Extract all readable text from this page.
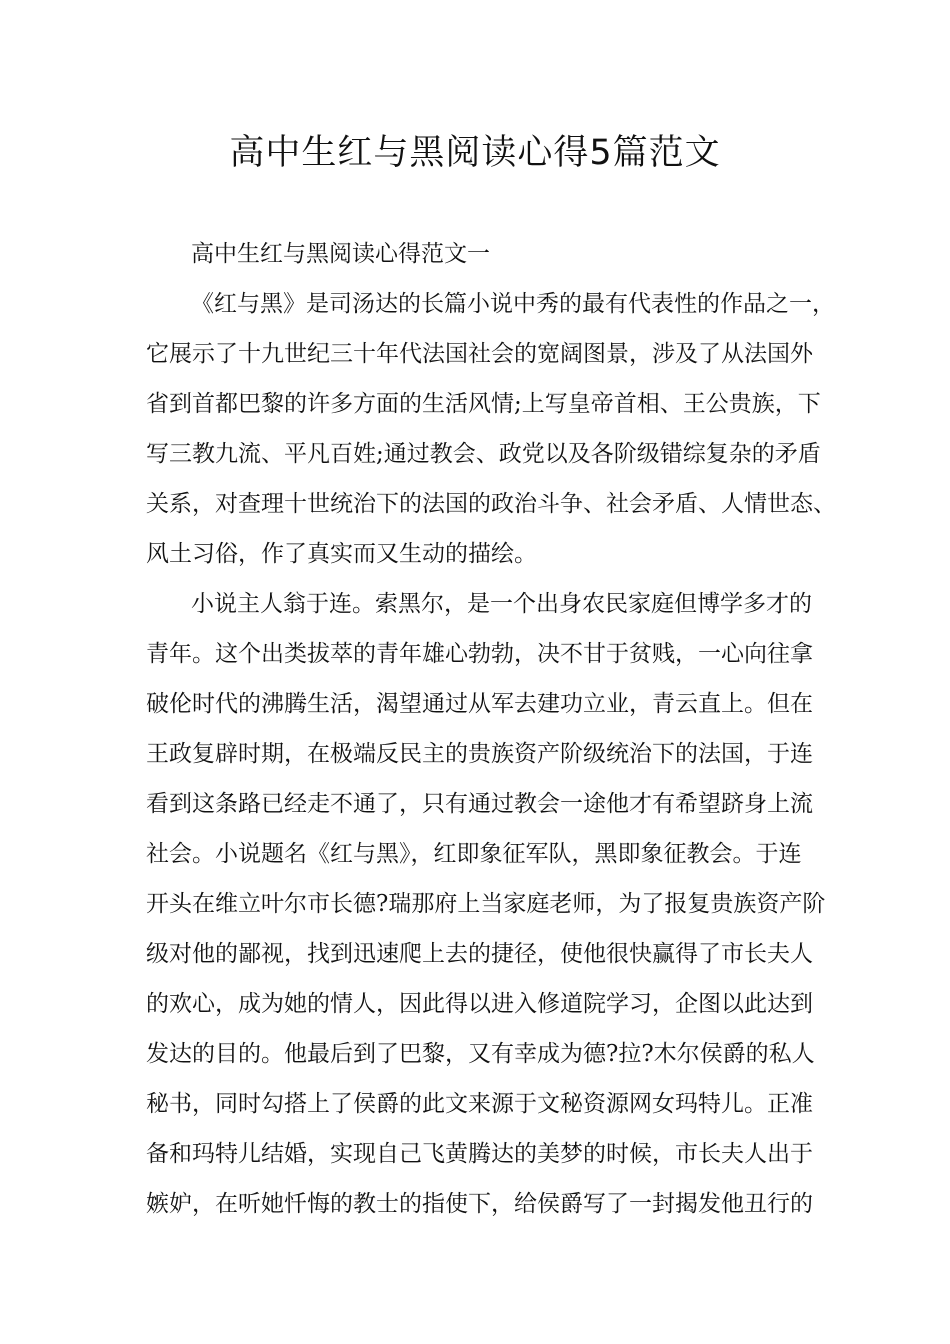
高中生红与黑阅读心得5篇范文
高中生红与黑阅读心得范文一
《红与黑》是司汤达的长篇小说中秀的最有代表性的作品之一，
它展示了十九世纪三十年代法国社会的宽阔图景，涉及了从法国外
省到首都巴黎的许多方面的生活风情;上写皇帝首相、王公贵族，下
写三教九流、平凡百姓;通过教会、政党以及各阶级错综复杂的矛盾
关系，对查理十世统治下的法国的政治斗争、社会矛盾、人情世态、
风土习俗，作了真实而又生动的描绘。
小说主人翁于连。索黑尔，是一个出身农民家庭但博学多才的
青年。这个出类拔萃的青年雄心勃勃，决不甘于贫贱，一心向往拿
破伦时代的沸腾生活，渴望通过从军去建功立业，青云直上。但在
王政复辟时期，在极端反民主的贵族资产阶级统治下的法国，于连
看到这条路已经走不通了，只有通过教会一途他才有希望跻身上流
社会。小说题名《红与黑》，红即象征军队，黑即象征教会。于连
开头在维立叶尔市长德?瑞那府上当家庭老师，为了报复贵族资产阶
级对他的鄙视，找到迅速爬上去的捷径，使他很快赢得了市长夫人
的欢心，成为她的情人，因此得以进入修道院学习，企图以此达到
发达的目的。他最后到了巴黎，又有幸成为德?拉?木尔侯爵的私人
秘书，同时勾搭上了侯爵的此文来源于文秘资源网女玛特儿。正准
备和玛特儿结婚，实现自己飞黄腾达的美梦的时候，市长夫人出于
嫉妒，在听她忏悔的教士的指使下，给侯爵写了一封揭发他丑行的
